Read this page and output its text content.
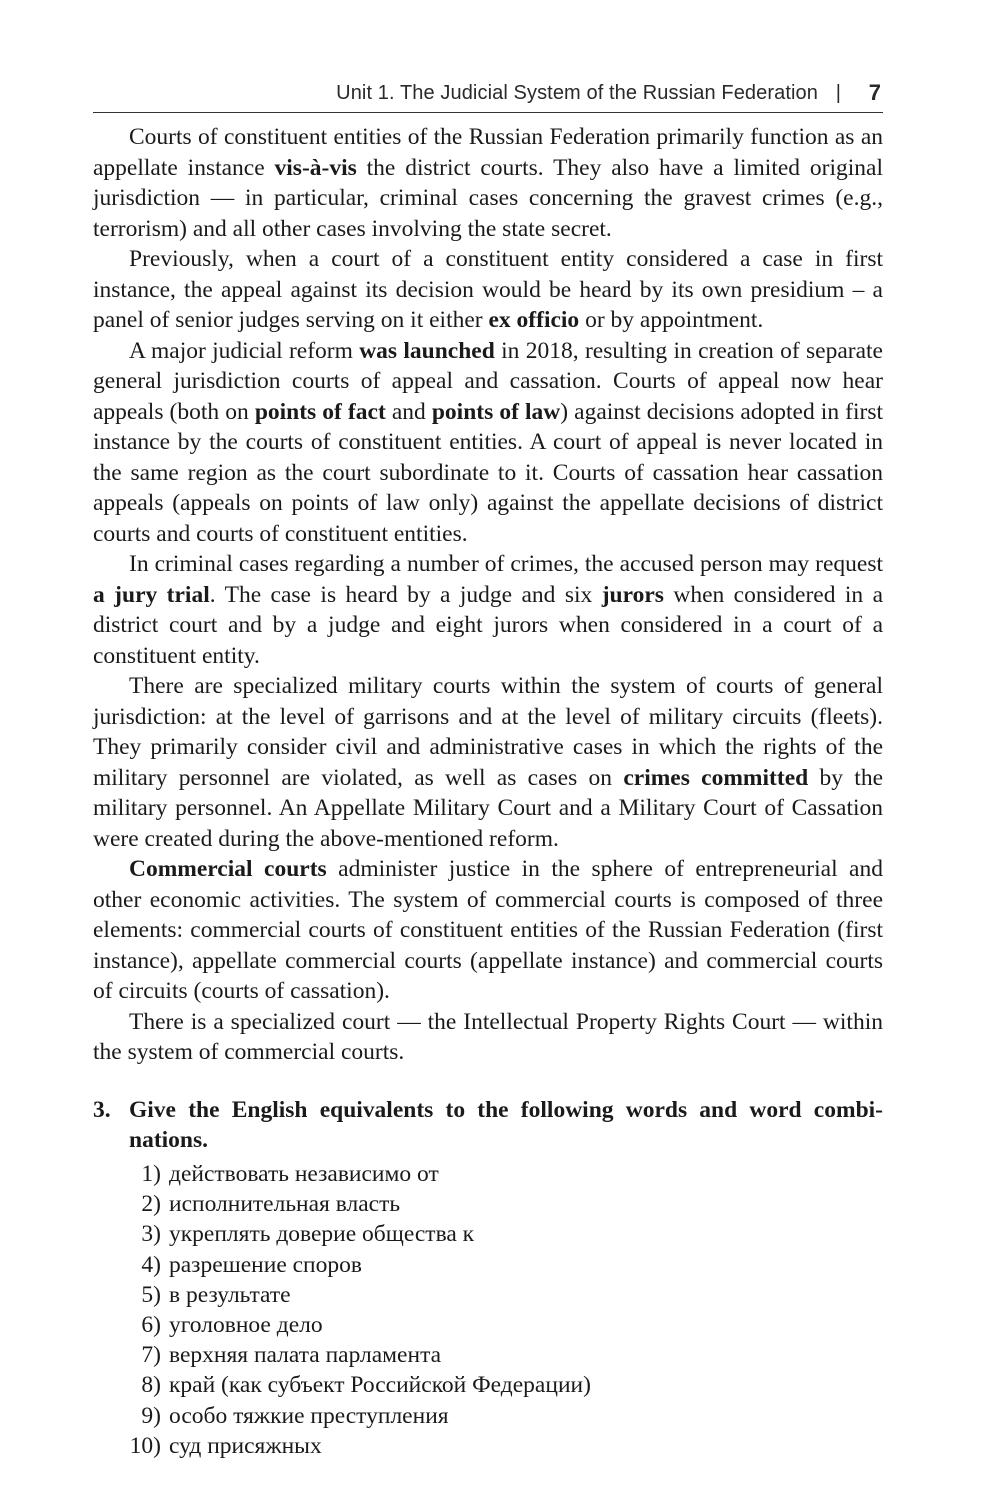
Unit 1. The Judicial System of the Russian Federation | 7

Courts of constituent entities of the Russian Federation primarily function as an appellate instance vis-à-vis the district courts. They also have a limited original jurisdiction — in particular, criminal cases concerning the gravest crimes (e.g., terrorism) and all other cases involving the state secret.

Previously, when a court of a constituent entity considered a case in first instance, the appeal against its decision would be heard by its own presidium – a panel of senior judges serving on it either ex officio or by appointment.

A major judicial reform was launched in 2018, resulting in creation of separate general jurisdiction courts of appeal and cassation. Courts of appeal now hear appeals (both on points of fact and points of law) against decisions adopted in first instance by the courts of constituent entities. A court of appeal is never located in the same region as the court subordinate to it. Courts of cassation hear cassation appeals (appeals on points of law only) against the appellate decisions of district courts and courts of constituent entities.

In criminal cases regarding a number of crimes, the accused person may request a jury trial. The case is heard by a judge and six jurors when considered in a district court and by a judge and eight jurors when considered in a court of a constituent entity.

There are specialized military courts within the system of courts of general jurisdiction: at the level of garrisons and at the level of military circuits (fleets). They primarily consider civil and administrative cases in which the rights of the military personnel are violated, as well as cases on crimes committed by the military personnel. An Appellate Military Court and a Military Court of Cassation were created during the above-mentioned reform.

Commercial courts administer justice in the sphere of entrepreneurial and other economic activities. The system of commercial courts is composed of three elements: commercial courts of constituent entities of the Russian Federation (first instance), appellate commercial courts (appellate instance) and commercial courts of circuits (courts of cassation).

There is a specialized court — the Intellectual Property Rights Court — within the system of commercial courts.

3. Give the English equivalents to the following words and word combinations.
1) действовать независимо от
2) исполнительная власть
3) укреплять доверие общества к
4) разрешение споров
5) в результате
6) уголовное дело
7) верхняя палата парламента
8) край (как субъект Российской Федерации)
9) особо тяжкие преступления
10) суд присяжных
